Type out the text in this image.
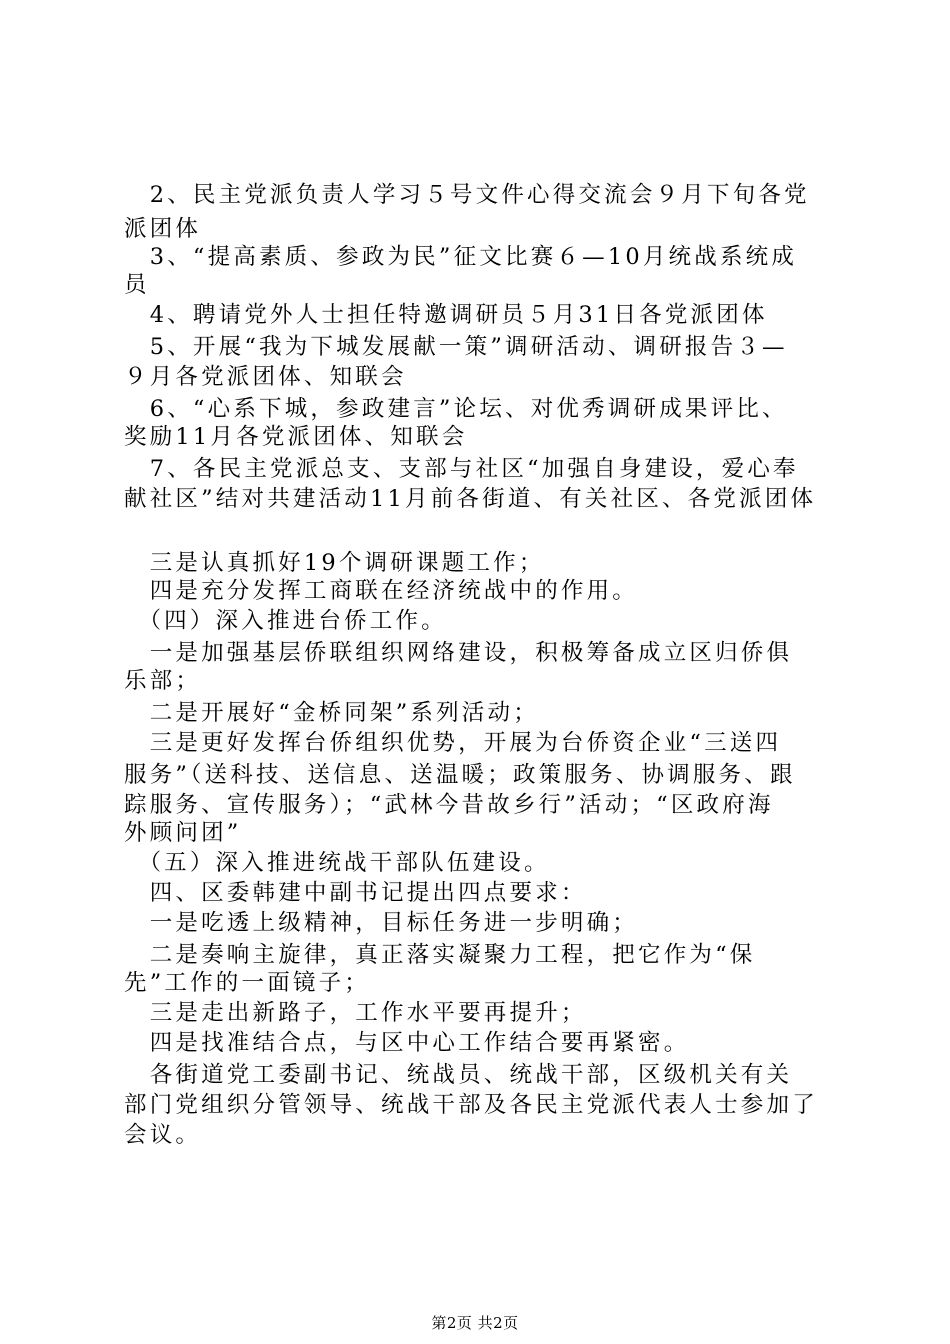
　2、民主党派负责人学习５号文件心得交流会９月下旬各党
派团体
　3、“提高素质、参政为民”征文比赛６—10月统战系统成
员
　4、聘请党外人士担任特邀调研员５月31日各党派团体
　5、开展“我为下城发展献一策”调研活动、调研报告３—
９月各党派团体、知联会
　6、“心系下城，参政建言”论坛、对优秀调研成果评比、
奖励11月各党派团体、知联会
　7、各民主党派总支、支部与社区“加强自身建设，爱心奉
献社区”结对共建活动11月前各街道、有关社区、各党派团体
　三是认真抓好19个调研课题工作；
　四是充分发挥工商联在经济统战中的作用。
　（四）深入推进台侨工作。
　一是加强基层侨联组织网络建设，积极筹备成立区归侨俱
乐部；
　二是开展好“金桥同架”系列活动；
　三是更好发挥台侨组织优势，开展为台侨资企业“三送四
服务”（送科技、送信息、送温暖；政策服务、协调服务、跟
踪服务、宣传服务）；“武林今昔故乡行”活动；“区政府海
外顾问团”
　（五）深入推进统战干部队伍建设。
　四、区委韩建中副书记提出四点要求：
　一是吃透上级精神，目标任务进一步明确；
　二是奏响主旋律，真正落实凝聚力工程，把它作为“保
先”工作的一面镜子；
　三是走出新路子，工作水平要再提升；
　四是找准结合点，与区中心工作结合要再紧密。
　各街道党工委副书记、统战员、统战干部，区级机关有关
部门党组织分管领导、统战干部及各民主党派代表人士参加了
会议。
第2页 共2页
